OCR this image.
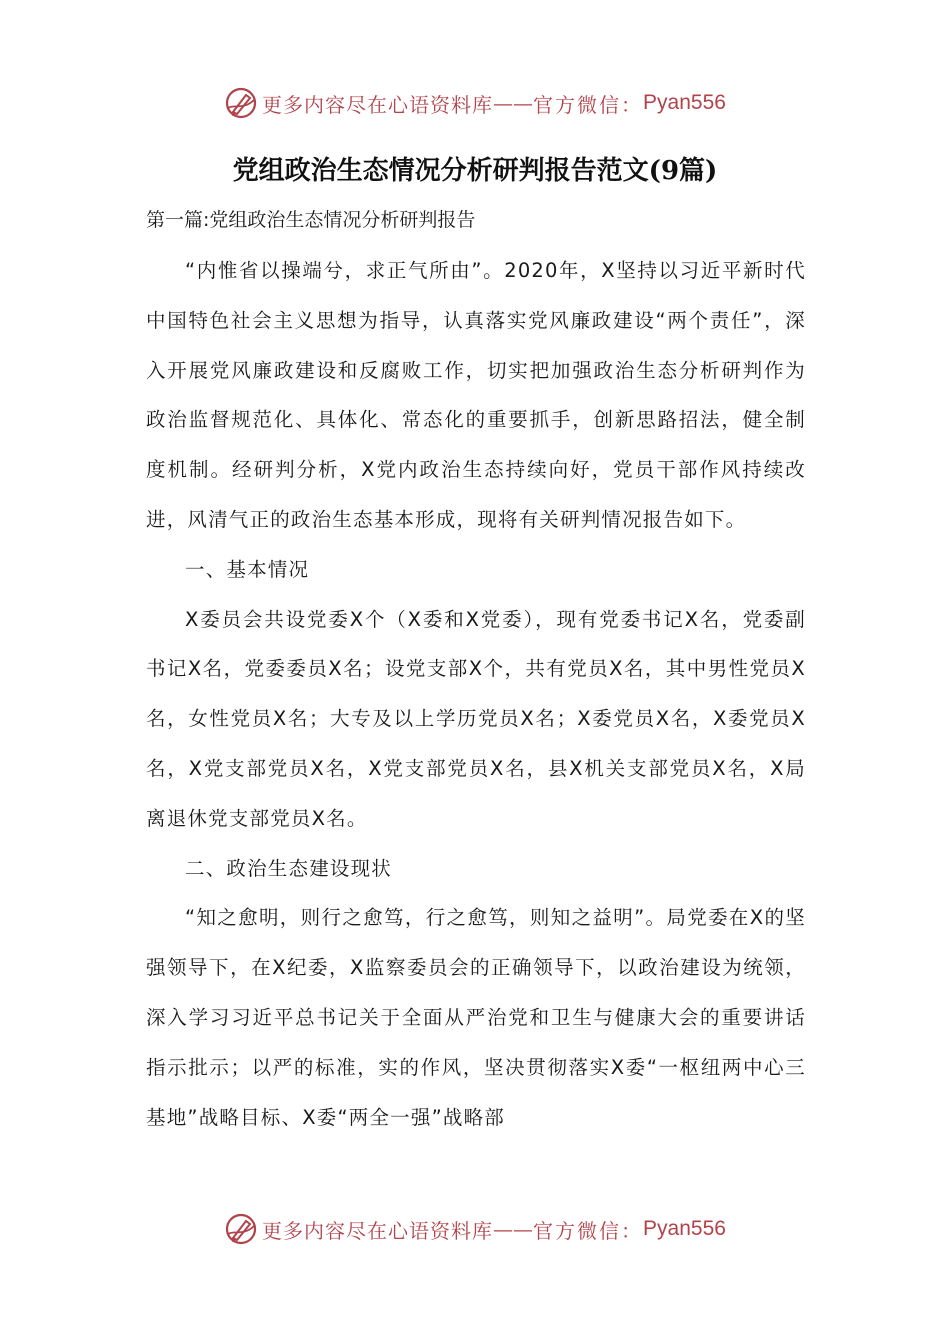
更多内容尽在心语资料库 —— 官方微信： Pyan556
党组政治生态情况分析研判报告范文(9篇)

第一篇:党组政治生态情况分析研判报告

“内惟省以操端兮，求正气所由”。2020年，X坚持以习近平新时代中国特色社会主义思想为指导，认真落实党风廉政建设“两个责任”，深入开展党风廉政建设和反腐败工作，切实把加强政治生态分析研判作为政治监督规范化、具体化、常态化的重要抓手，创新思路招法，健全制度机制。经研判分析，X党内政治生态持续向好，党员干部作风持续改进，风清气正的政治生态基本形成，现将有关研判情况报告如下。

一、基本情况

X委员会共设党委X个（X委和X党委），现有党委书记X名，党委副书记X名，党委委员X名；设党支部X个，共有党员X名，其中男性党员X名，女性党员X名；大专及以上学历党员X名；X委党员X名，X委党员X名，X党支部党员X名，X党支部党员X名，县X机关支部党员X名，X局离退休党支部党员X名。

二、政治生态建设现状

“知之愈明，则行之愈笃，行之愈笃，则知之益明”。局党委在X的坚强领导下，在X纪委，X监察委员会的正确领导下，以政治建设为统领，深入学习习近平总书记关于全面从严治党和卫生与健康大会的重要讲话指示批示；以严的标准，实的作风，坚决贯彻落实X委“一枢纽两中心三基地”战略目标、X委“两全一强”战略部

更多内容尽在心语资料库 —— 官方微信： Pyan556
